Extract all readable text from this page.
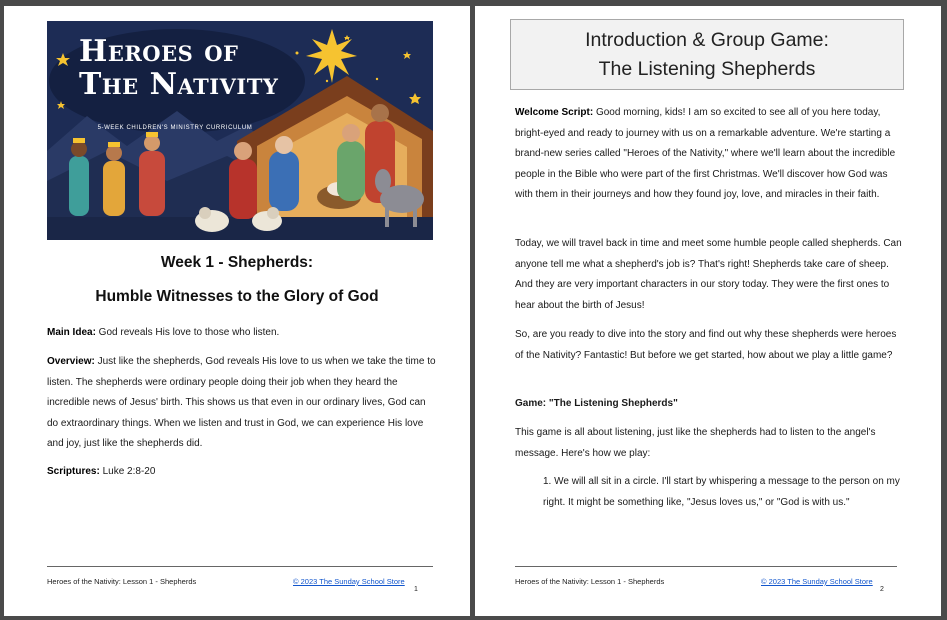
Heroes of
The Nativity
5-WEEK CHILDREN'S MINISTRY CURRICULUM
Week 1 - Shepherds:
Humble Witnesses to the Glory of God
Main Idea: God reveals His love to those who listen.
Overview: Just like the shepherds, God reveals His love to us when we take the time to listen. The shepherds were ordinary people doing their job when they heard the incredible news of Jesus' birth. This shows us that even in our ordinary lives, God can do extraordinary things. When we listen and trust in God, we can experience His love and joy, just like the shepherds did.
Scriptures: Luke 2:8-20
Heroes of the Nativity: Lesson 1 - Shepherds	© 2023 The Sunday School Store
1
Introduction & Group Game:
The Listening Shepherds
Welcome Script: Good morning, kids! I am so excited to see all of you here today, bright-eyed and ready to journey with us on a remarkable adventure. We're starting a brand-new series called "Heroes of the Nativity," where we'll learn about the incredible people in the Bible who were part of the first Christmas. We'll discover how God was with them in their journeys and how they found joy, love, and miracles in their faith.
Today, we will travel back in time and meet some humble people called shepherds. Can anyone tell me what a shepherd's job is? That's right! Shepherds take care of sheep. And they are very important characters in our story today. They were the first ones to hear about the birth of Jesus!
So, are you ready to dive into the story and find out why these shepherds were heroes of the Nativity? Fantastic! But before we get started, how about we play a little game?
Game: "The Listening Shepherds"
This game is all about listening, just like the shepherds had to listen to the angel's message. Here's how we play:
1. We will all sit in a circle. I'll start by whispering a message to the person on my right. It might be something like, "Jesus loves us," or "God is with us."
Heroes of the Nativity: Lesson 1 - Shepherds	© 2023 The Sunday School Store
2
